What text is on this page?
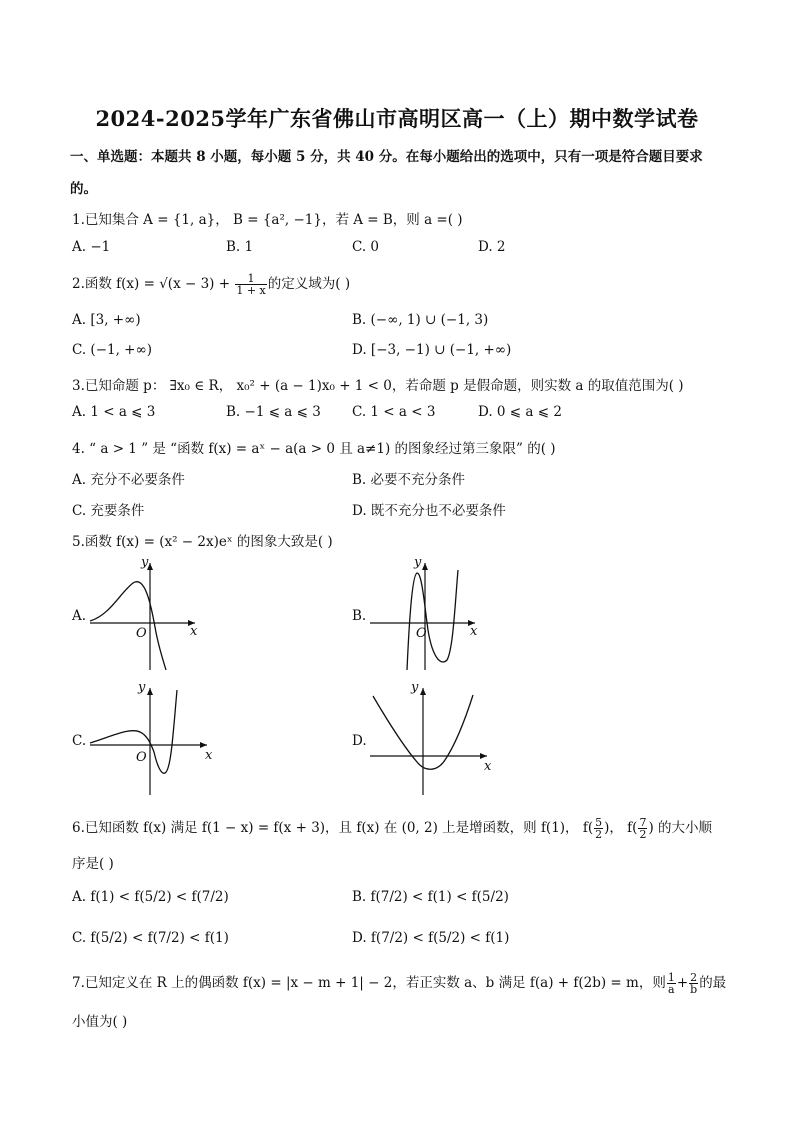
2024-2025学年广东省佛山市高明区高一（上）期中数学试卷
一、单选题：本题共 8 小题，每小题 5 分，共 40 分。在每小题给出的选项中，只有一项是符合题目要求
的。
1.已知集合 A = {1, a}， B = {a², −1}，若 A = B，则 a =( )
A. −1	B. 1	C. 0	D. 2
2.函数 $f(x) = √(x - 3) + \frac{1}{1 + x}$ 的定义域为( )
A. [3, +∞)	B. (−∞, 1) ∪ (−1, 3)
C. (−1, +∞)	D. [−3, −1) ∪ (−1, +∞)
3.已知命题 p： ∃x₀ ∈ R， x₀² + (a − 1)x₀ + 1 < 0，若命题 p 是假命题，则实数 a 的取值范围为( )
A. 1 < a ⩽ 3	B. −1 ⩽ a ⩽ 3 C. 1 < a < 3	D. 0 ⩽ a ⩽ 2
4. “ a > 1 ” 是 “函数 f(x) = aˣ − a(a > 0 且 a≠1) 的图象经过第三象限” 的( )
A. 充分不必要条件	B. 必要不充分条件
C. 充要条件	D. 既不充分也不必要条件
5.函数 f(x) = (x² − 2x)eˣ 的图象大致是( )
A.
O	x
y
B.
O	x
y
C.
O	x
y
D.
x
y
6.已知函数 f(x) 满足 f(1 − x) = f(x + 3)，且 f(x) 在 (0, 2) 上是增函数，则 f(1)， $f( \frac{5}{2}$ )， $f( \frac{7}{2}$ ) 的大小顺
序是( )
A. f(1) < f(5/2) < f(7/2)	B. f(7/2) < f(1) < f(5/2)
C. f(5/2) < f(7/2) < f(1)	D. f(7/2) < f(5/2) < f(1)
7.已知定义在 R 上的偶函数 f(x) = |x − m + 1| − 2，若正实数 a、b 满足 f(a) + f(2b) = m，则 $\frac{1}{a} + \frac{2}{b}$ 的最
小值为( )
